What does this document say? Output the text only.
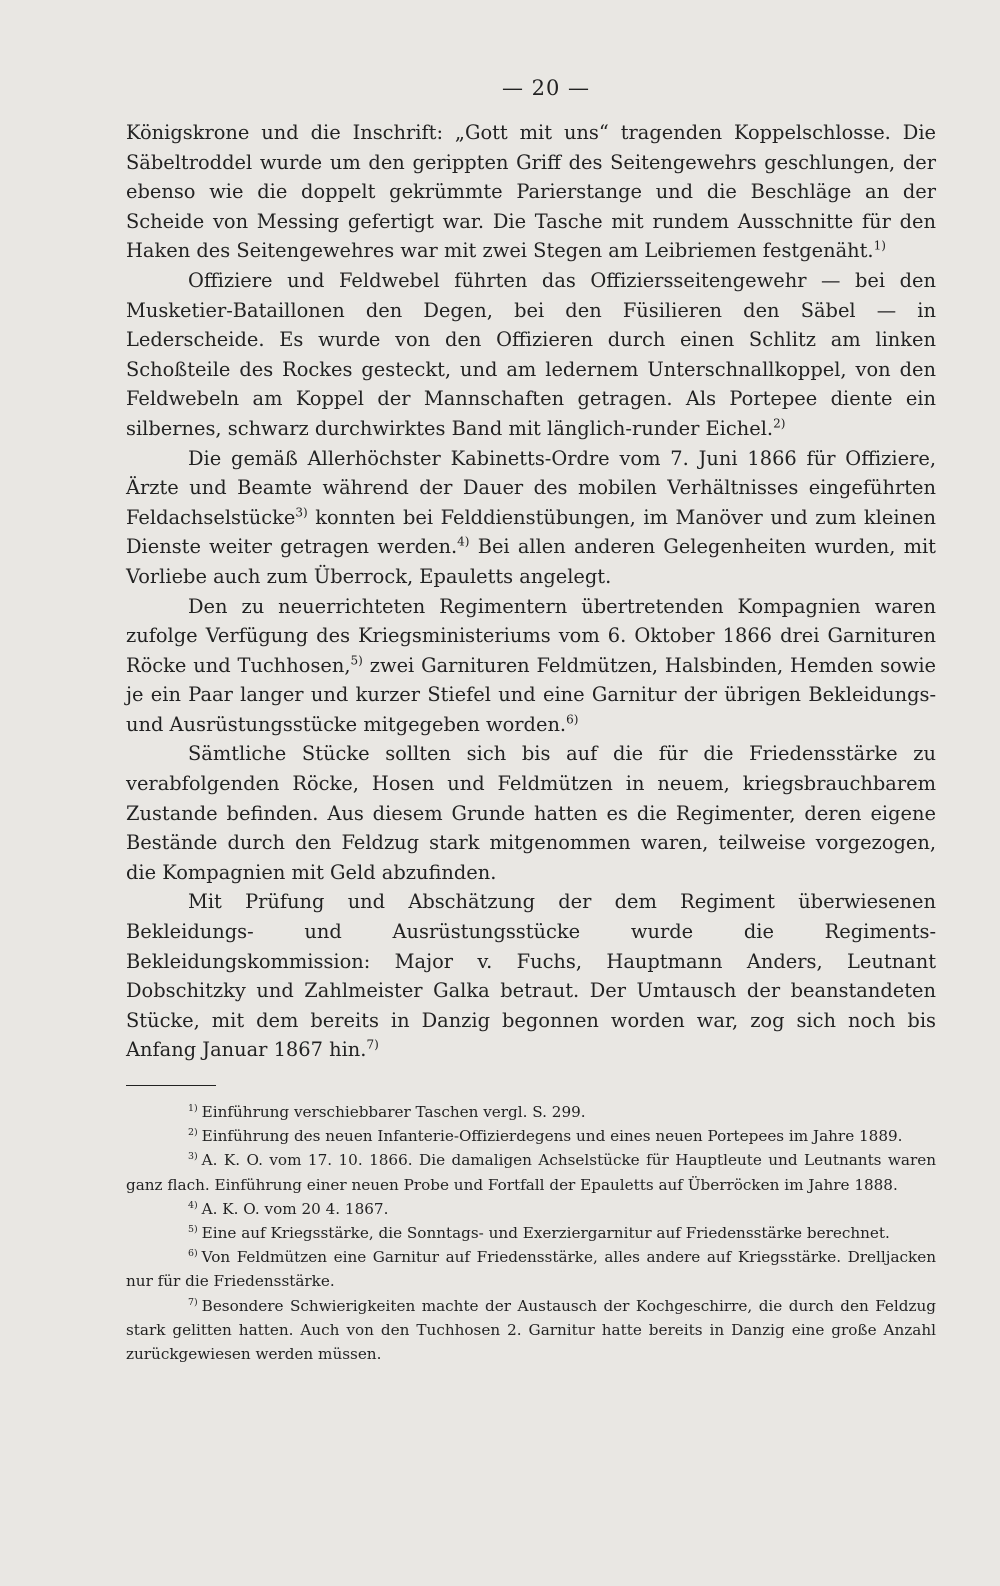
— 20 —

Königskrone und die Inschrift: „Gott mit uns“ tragenden Koppelschlosse. Die Säbeltroddel wurde um den gerippten Griff des Seitengewehrs geschlungen, der ebenso wie die doppelt gekrümmte Parierstange und die Beschläge an der Scheide von Messing gefertigt war. Die Tasche mit rundem Ausschnitte für den Haken des Seitengewehres war mit zwei Stegen am Leibriemen festgenäht.$^{1)}$

Offiziere und Feldwebel führten das Offiziersseitengewehr — bei den Musketier-Bataillonen den Degen, bei den Füsilieren den Säbel — in Lederscheide. Es wurde von den Offizieren durch einen Schlitz am linken Schoßteile des Rockes gesteckt, und am ledernem Unterschnallkoppel, von den Feldwebeln am Koppel der Mannschaften getragen. Als Portepee diente ein silbernes, schwarz durchwirktes Band mit länglich-runder Eichel.$^{2)}$

Die gemäß Allerhöchster Kabinetts-Ordre vom 7. Juni 1866 für Offiziere, Ärzte und Beamte während der Dauer des mobilen Verhältnisses eingeführten Feldachselstücke$^{3)}$ konnten bei Felddienstübungen, im Manöver und zum kleinen Dienste weiter getragen werden.$^{4)}$ Bei allen anderen Gelegenheiten wurden, mit Vorliebe auch zum Überrock, Epauletts angelegt.

Den zu neuerrichteten Regimentern übertretenden Kompagnien waren zufolge Verfügung des Kriegsministeriums vom 6. Oktober 1866 drei Garnituren Röcke und Tuchhosen,$^{5)}$ zwei Garnituren Feldmützen, Halsbinden, Hemden sowie je ein Paar langer und kurzer Stiefel und eine Garnitur der übrigen Bekleidungs- und Ausrüstungsstücke mitgegeben worden.$^{6)}$

Sämtliche Stücke sollten sich bis auf die für die Friedensstärke zu verabfolgenden Röcke, Hosen und Feldmützen in neuem, kriegsbrauchbarem Zustande befinden. Aus diesem Grunde hatten es die Regimenter, deren eigene Bestände durch den Feldzug stark mitgenommen waren, teilweise vorgezogen, die Kompagnien mit Geld abzufinden.

Mit Prüfung und Abschätzung der dem Regiment überwiesenen Bekleidungs- und Ausrüstungsstücke wurde die Regiments-Bekleidungskommission: Major v. Fuchs, Hauptmann Anders, Leutnant Dobschitzky und Zahlmeister Galka betraut. Der Umtausch der beanstandeten Stücke, mit dem bereits in Danzig begonnen worden war, zog sich noch bis Anfang Januar 1867 hin.$^{7)}$

$^{1)}$ Einführung verschiebbarer Taschen vergl. S. 299.

$^{2)}$ Einführung des neuen Infanterie-Offizierdegens und eines neuen Portepees im Jahre 1889.

$^{3)}$ A. K. O. vom 17. 10. 1866. Die damaligen Achselstücke für Hauptleute und Leutnants waren ganz flach. Einführung einer neuen Probe und Fortfall der Epauletts auf Überröcken im Jahre 1888.

$^{4)}$ A. K. O. vom 20 4. 1867.

$^{5)}$ Eine auf Kriegsstärke, die Sonntags- und Exerziergarnitur auf Friedensstärke berechnet.

$^{6)}$ Von Feldmützen eine Garnitur auf Friedensstärke, alles andere auf Kriegsstärke. Drelljacken nur für die Friedensstärke.

$^{7)}$ Besondere Schwierigkeiten machte der Austausch der Kochgeschirre, die durch den Feldzug stark gelitten hatten. Auch von den Tuchhosen 2. Garnitur hatte bereits in Danzig eine große Anzahl zurückgewiesen werden müssen.
